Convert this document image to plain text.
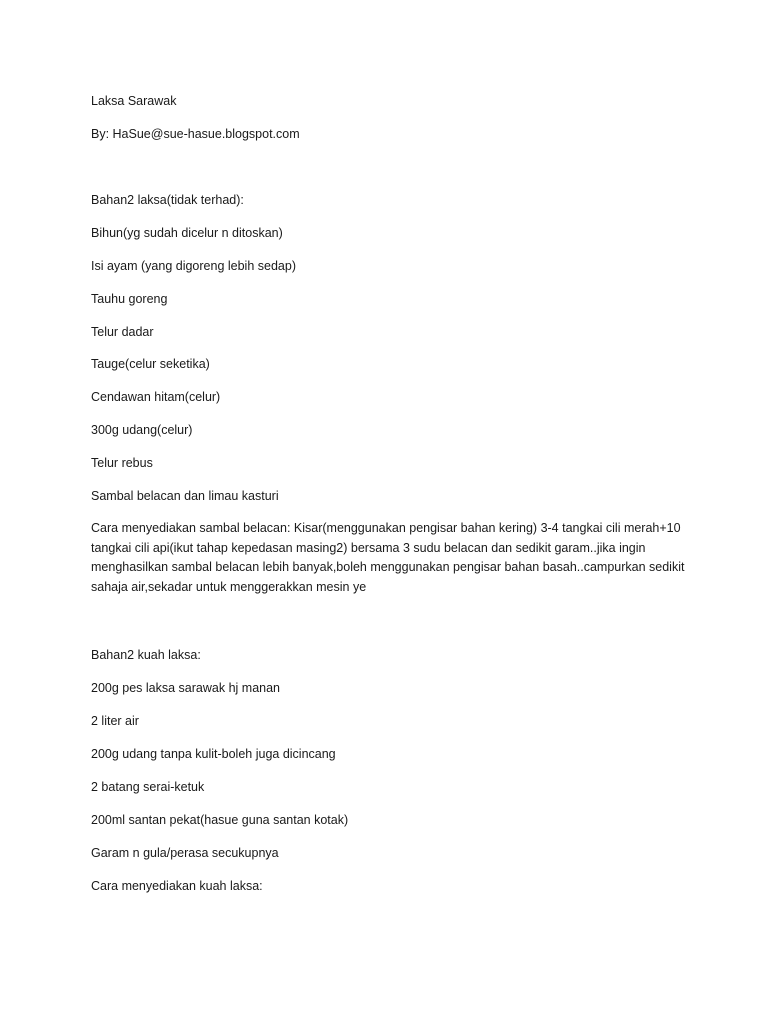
Laksa Sarawak
By: HaSue@sue-hasue.blogspot.com
Bahan2 laksa(tidak terhad):
Bihun(yg sudah dicelur n ditoskan)
Isi ayam (yang digoreng lebih sedap)
Tauhu goreng
Telur dadar
Tauge(celur seketika)
Cendawan hitam(celur)
300g udang(celur)
Telur rebus
Sambal belacan dan limau kasturi
Cara menyediakan sambal belacan: Kisar(menggunakan pengisar bahan kering) 3-4 tangkai cili merah+10 tangkai cili api(ikut tahap kepedasan masing2) bersama 3 sudu belacan dan sedikit garam..jika ingin menghasilkan sambal belacan lebih banyak,boleh menggunakan pengisar bahan basah..campurkan sedikit sahaja air,sekadar untuk menggerakkan mesin ye
Bahan2 kuah laksa:
200g pes laksa sarawak hj manan
2 liter air
200g udang tanpa kulit-boleh juga dicincang
2 batang serai-ketuk
200ml santan pekat(hasue guna santan kotak)
Garam n gula/perasa secukupnya
Cara menyediakan kuah laksa:
